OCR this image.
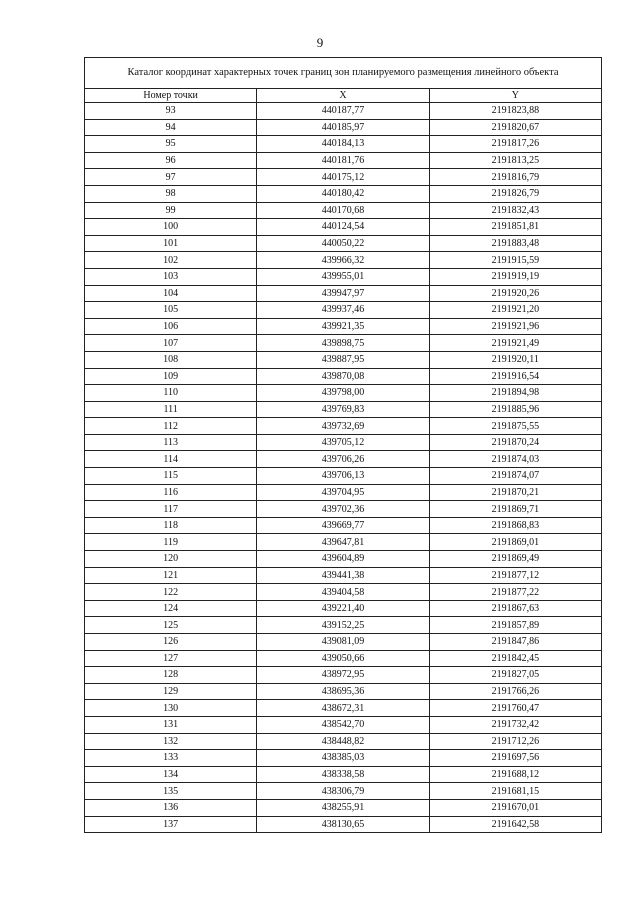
9
Каталог координат характерных точек границ зон планируемого размещения линейного объекта		
Номер точки	X	Y
93	440187,77	2191823,88
94	440185,97	2191820,67
95	440184,13	2191817,26
96	440181,76	2191813,25
97	440175,12	2191816,79
98	440180,42	2191826,79
99	440170,68	2191832,43
100	440124,54	2191851,81
101	440050,22	2191883,48
102	439966,32	2191915,59
103	439955,01	2191919,19
104	439947,97	2191920,26
105	439937,46	2191921,20
106	439921,35	2191921,96
107	439898,75	2191921,49
108	439887,95	2191920,11
109	439870,08	2191916,54
110	439798,00	2191894,98
111	439769,83	2191885,96
112	439732,69	2191875,55
113	439705,12	2191870,24
114	439706,26	2191874,03
115	439706,13	2191874,07
116	439704,95	2191870,21
117	439702,36	2191869,71
118	439669,77	2191868,83
119	439647,81	2191869,01
120	439604,89	2191869,49
121	439441,38	2191877,12
122	439404,58	2191877,22
124	439221,40	2191867,63
125	439152,25	2191857,89
126	439081,09	2191847,86
127	439050,66	2191842,45
128	438972,95	2191827,05
129	438695,36	2191766,26
130	438672,31	2191760,47
131	438542,70	2191732,42
132	438448,82	2191712,26
133	438385,03	2191697,56
134	438338,58	2191688,12
135	438306,79	2191681,15
136	438255,91	2191670,01
137	438130,65	2191642,58
